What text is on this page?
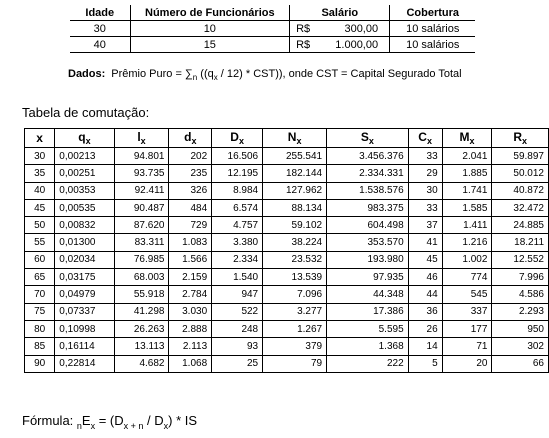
Idade	Número de Funcionários	Salário	Cobertura
30	10	R$ 300,00	10 salários
40	15	R$ 1.000,00	10 salários
Dados: Prêmio Puro = $\sum_n$ $((q_x / 12) * CST)$), onde CST = Capital Segurado Total
Tabela de comutação:
x	$q_x$	$l_x$	$d_x$	$D_x$	$N_x$	$S_x$	$C_x$	$M_x$	$R_x$
30	0,00213	94.801	202	16.506	255.541	3.456.376	33	2.041	59.897
35	0,00251	93.735	235	12.195	182.144	2.334.331	29	1.885	50.012
40	0,00353	92.411	326	8.984	127.962	1.538.576	30	1.741	40.872
45	0,00535	90.487	484	6.574	88.134	983.375	33	1.585	32.472
50	0,00832	87.620	729	4.757	59.102	604.498	37	1.411	24.885
55	0,01300	83.311	1.083	3.380	38.224	353.570	41	1.216	18.211
60	0,02034	76.985	1.566	2.334	23.532	193.980	45	1.002	12.552
65	0,03175	68.003	2.159	1.540	13.539	97.935	46	774	7.996
70	0,04979	55.918	2.784	947	7.096	44.348	44	545	4.586
75	0,07337	41.298	3.030	522	3.277	17.386	36	337	2.293
80	0,10998	26.263	2.888	248	1.267	5.595	26	177	950
85	0,16114	13.113	2.113	93	379	1.368	14	71	302
90	0,22814	4.682	1.068	25	79	222	5	20	66
Fórmula: $_nE_x = (D_{x + n} / D_x)$ * IS
